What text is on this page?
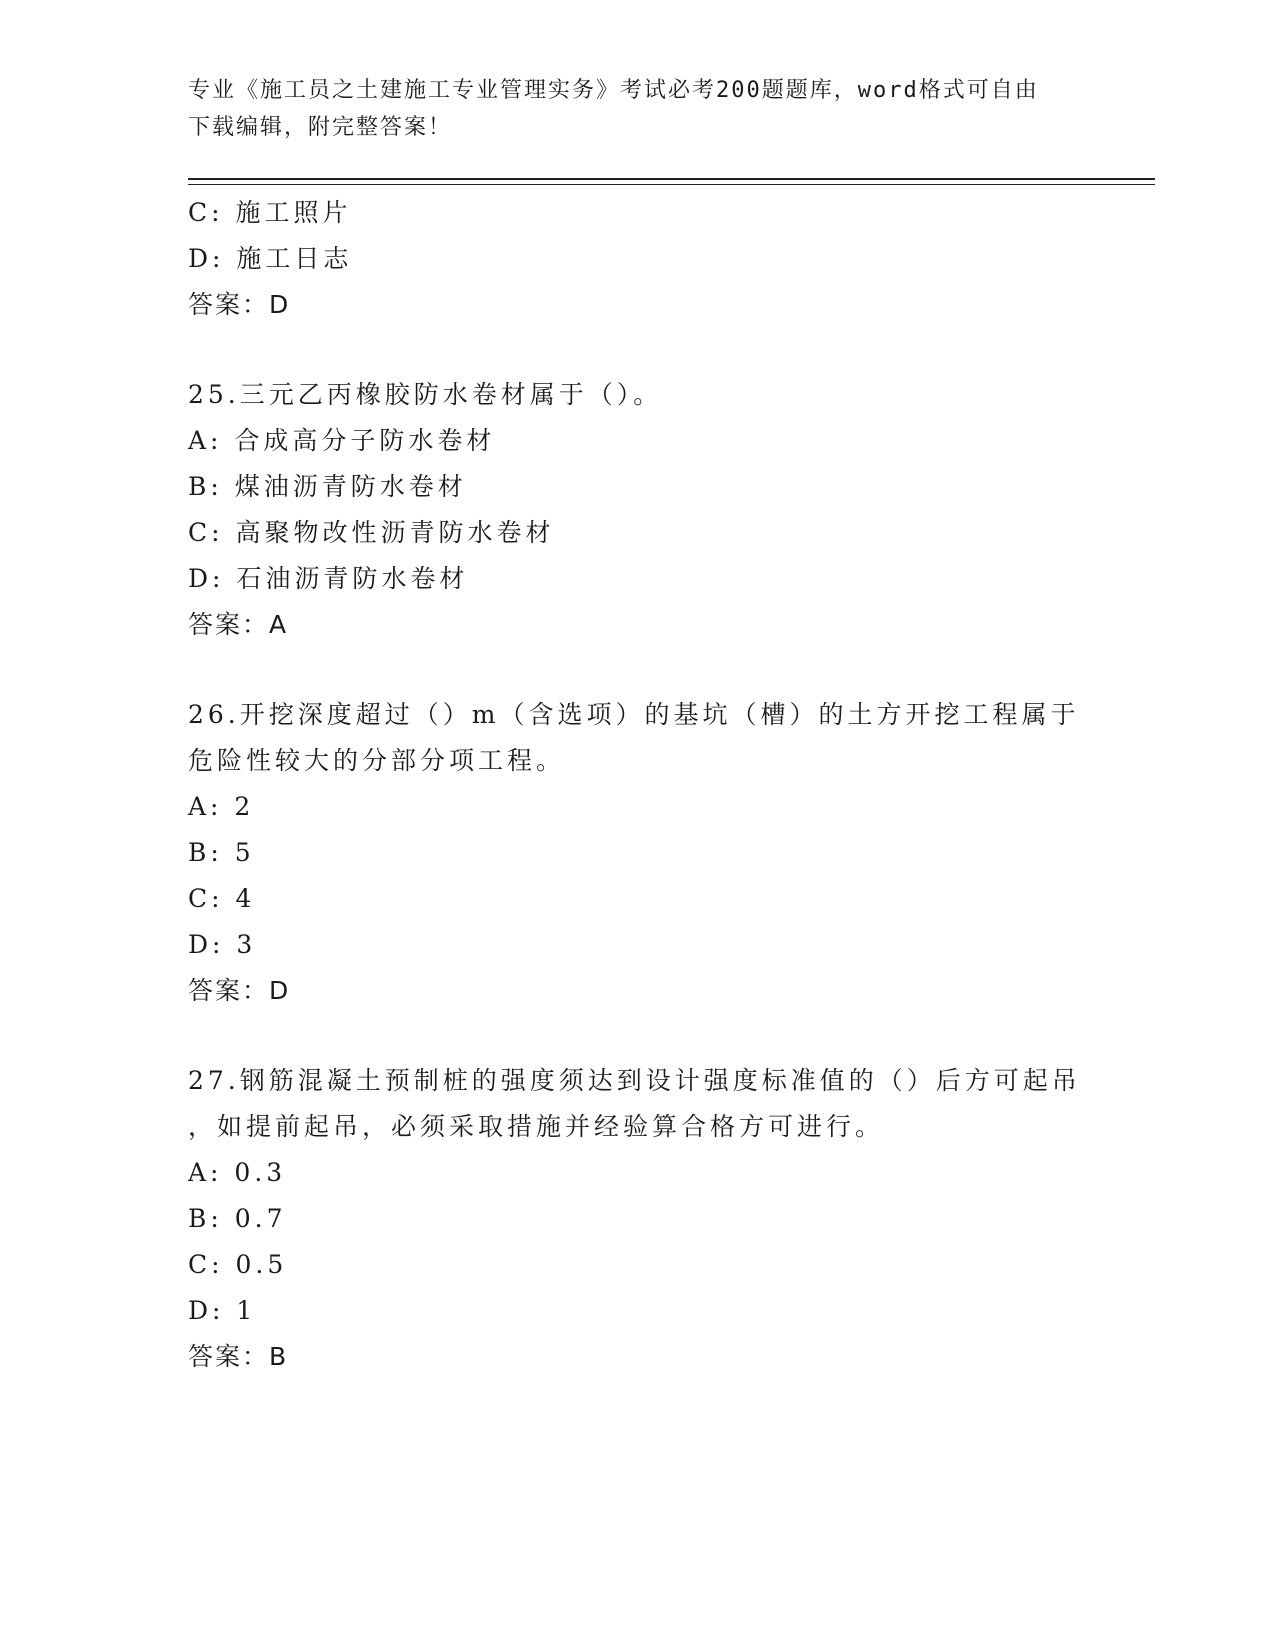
专业《施工员之土建施工专业管理实务》考试必考200题题库，word格式可自由
下载编辑，附完整答案！
C: 施工照片
D: 施工日志
答案：D
25.三元乙丙橡胶防水卷材属于（）。
A: 合成高分子防水卷材
B: 煤油沥青防水卷材
C: 高聚物改性沥青防水卷材
D: 石油沥青防水卷材
答案：A
26.开挖深度超过（）m（含选项）的基坑（槽）的土方开挖工程属于
危险性较大的分部分项工程。
A: 2
B: 5
C: 4
D: 3
答案：D
27.钢筋混凝土预制桩的强度须达到设计强度标准值的（）后方可起吊
，如提前起吊，必须采取措施并经验算合格方可进行。
A: 0.3
B: 0.7
C: 0.5
D: 1
答案：B
